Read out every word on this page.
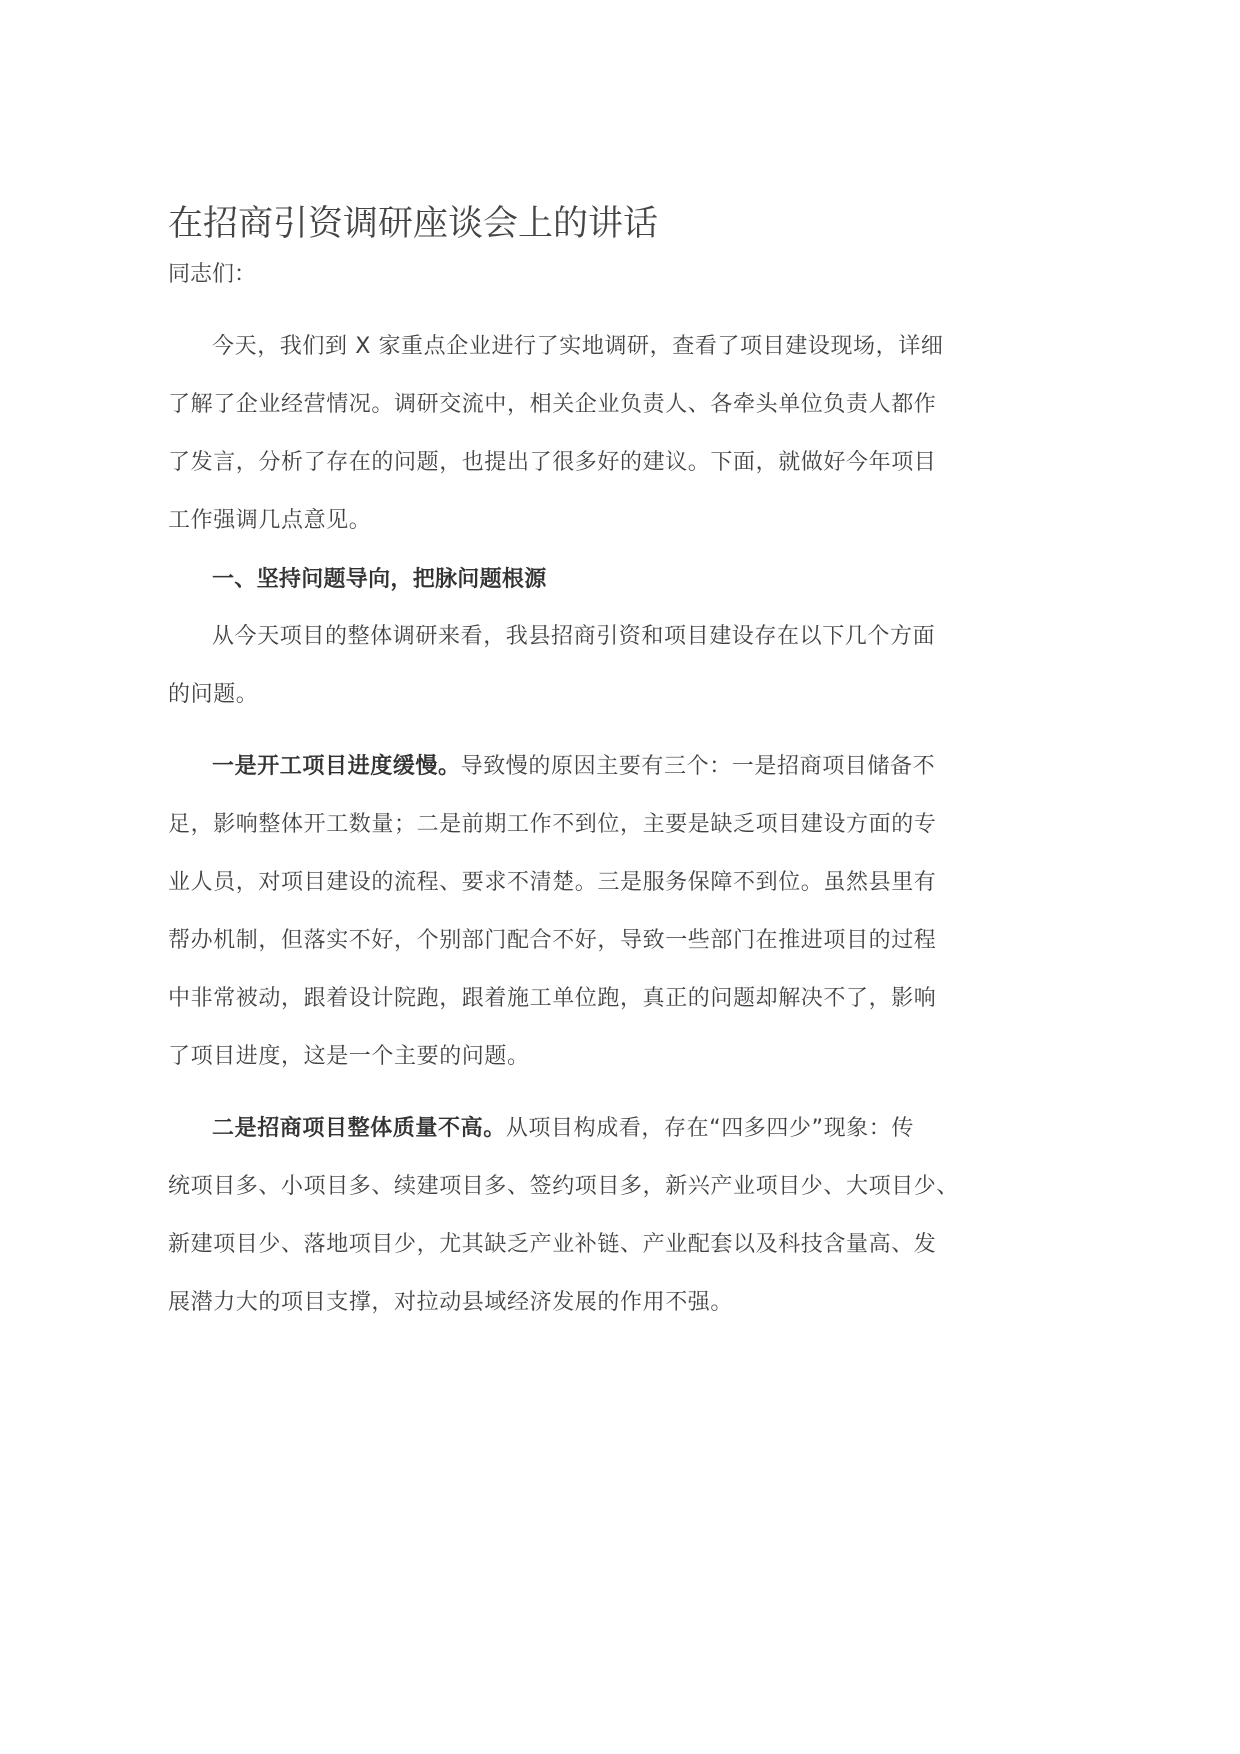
在招商引资调研座谈会上的讲话
同志们：
今天，我们到 X 家重点企业进行了实地调研，查看了项目建设现场，详细
了解了企业经营情况。调研交流中，相关企业负责人、各牵头单位负责人都作
了发言，分析了存在的问题，也提出了很多好的建议。下面，就做好今年项目
工作强调几点意见。
一、坚持问题导向，把脉问题根源
从今天项目的整体调研来看，我县招商引资和项目建设存在以下几个方面
的问题。
一是开工项目进度缓慢。导致慢的原因主要有三个：一是招商项目储备不
足，影响整体开工数量；二是前期工作不到位，主要是缺乏项目建设方面的专
业人员，对项目建设的流程、要求不清楚。三是服务保障不到位。虽然县里有
帮办机制，但落实不好，个别部门配合不好，导致一些部门在推进项目的过程
中非常被动，跟着设计院跑，跟着施工单位跑，真正的问题却解决不了，影响
了项目进度，这是一个主要的问题。
二是招商项目整体质量不高。从项目构成看，存在“四多四少”现象：传
统项目多、小项目多、续建项目多、签约项目多，新兴产业项目少、大项目少、
新建项目少、落地项目少，尤其缺乏产业补链、产业配套以及科技含量高、发
展潜力大的项目支撑，对拉动县域经济发展的作用不强。
